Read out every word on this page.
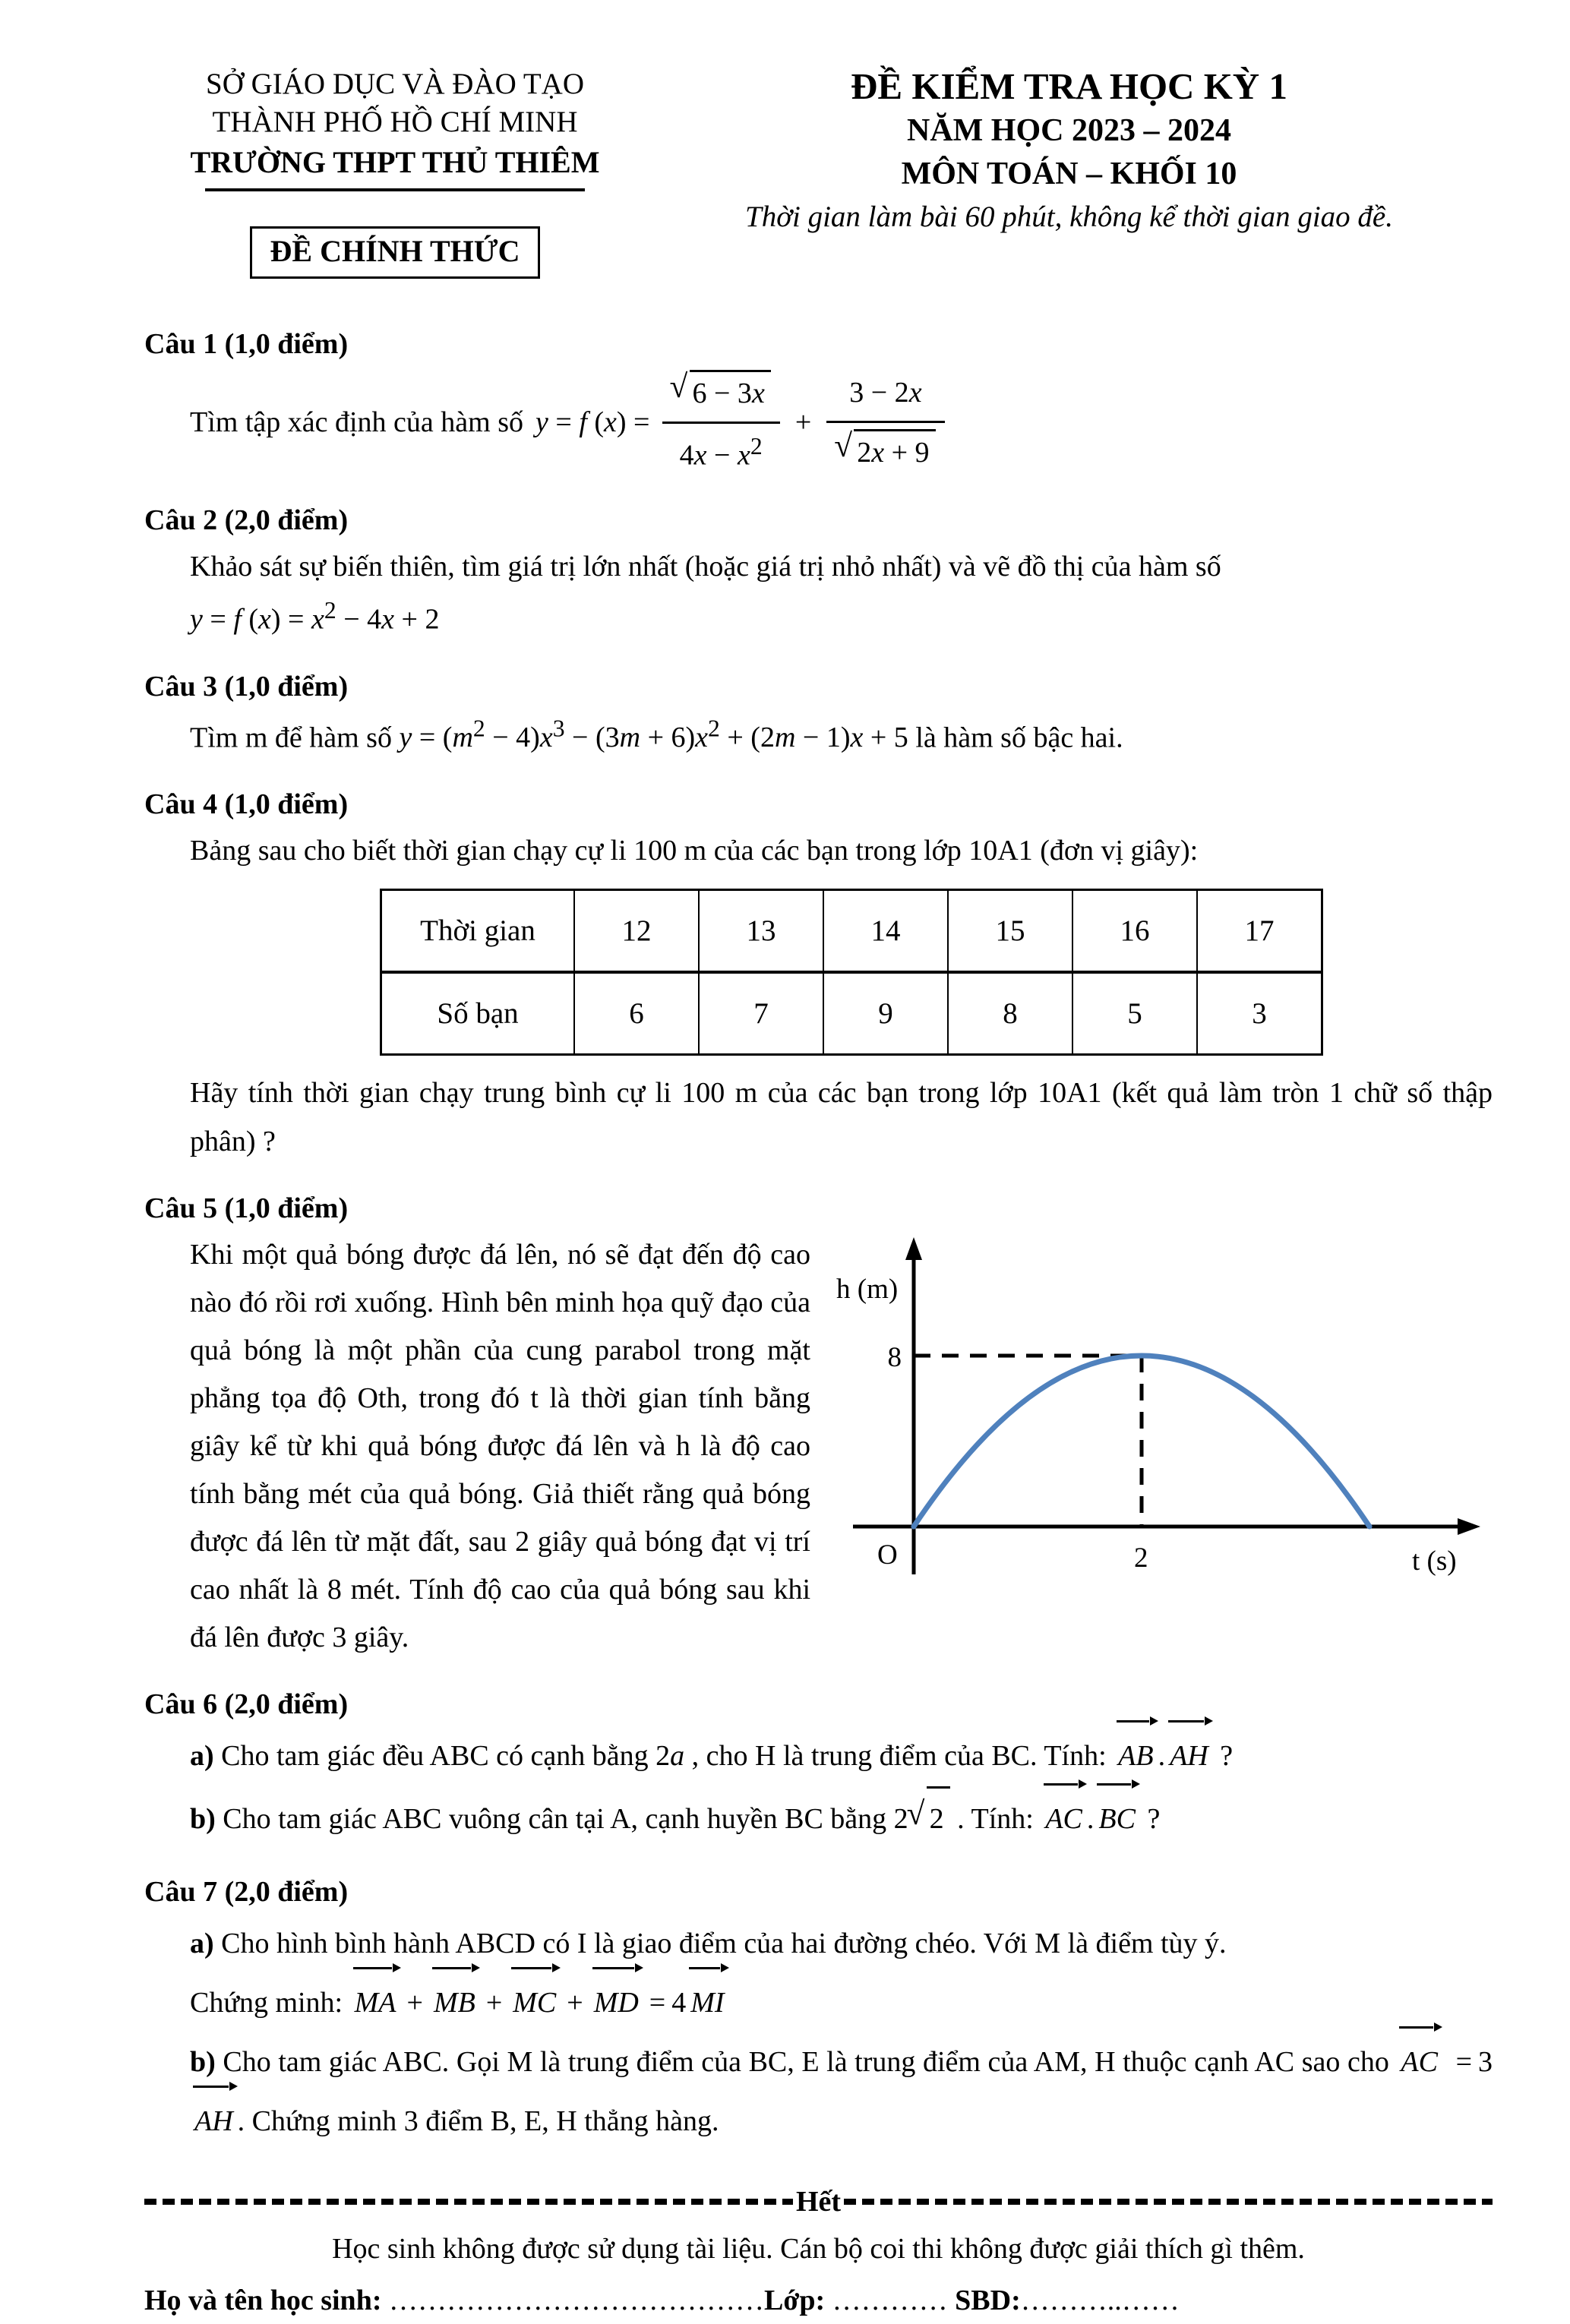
SỞ GIÁO DỤC VÀ ĐÀO TẠO
THÀNH PHỐ HỒ CHÍ MINH
TRƯỜNG THPT THỦ THIÊM
ĐỀ CHÍNH THỨC
ĐỀ KIỂM TRA HỌC KỲ 1
NĂM HỌC 2023 – 2024
MÔN TOÁN – KHỐI 10
Thời gian làm bài 60 phút, không kể thời gian giao đề.
Câu 1 (1,0 điểm)
Tìm tập xác định của hàm số y = f (x) = √ $\frac{6 - 3x}{4x - x^2} + 3 - 2x$
√ 2x + 9
Câu 2 (2,0 điểm)
Khảo sát sự biến thiên, tìm giá trị lớn nhất (hoặc giá trị nhỏ nhất) và vẽ đồ thị của hàm số
y = f $(x) = x^2 - 4x + 2$
Câu 3 (1,0 điểm)
Tìm m để hàm số $y = (m^2 - 4)x^3 - (3m + 6)x^2 + (2m - 1)x + 5$ là hàm số bậc hai.
Câu 4 (1,0 điểm)
Bảng sau cho biết thời gian chạy cự li 100 m của các bạn trong lớp 10A1 (đơn vị giây):
Thời gian	12	13	14	15	16	17
Số bạn	6	7	9	8	5	3
Hãy tính thời gian chạy trung bình cự li 100 m của các bạn trong lớp 10A1 (kết quả làm tròn 1 chữ số thập phân) ?
Câu 5 (1,0 điểm)
h (m)
t (s)
O
8
2
Khi một quả bóng được đá lên, nó sẽ đạt đến độ cao nào đó rồi rơi xuống. Hình bên minh họa quỹ đạo của quả bóng là một phần của cung parabol trong mặt phẳng tọa độ Oth, trong đó t là thời gian tính bằng giây kể từ khi quả bóng được đá lên và h là độ cao tính bằng mét của quả bóng. Giả thiết rằng quả bóng được đá lên từ mặt đất, sau 2 giây quả bóng đạt vị trí cao nhất là 8 mét. Tính độ cao của quả bóng sau khi đá lên được 3 giây.
Câu 6 (2,0 điểm)
a) Cho tam giác đều ABC có cạnh bằng 2a , cho H là trung điểm của BC. Tính: AB . AH ?
b) Cho tam giác ABC vuông cân tại A, cạnh huyền BC bằng 2 √ 2 . Tính: AC . BC ?
Câu 7 (2,0 điểm)
a) Cho hình bình hành ABCD có I là giao điểm của hai đường chéo. Với M là điểm tùy ý.
Chứng minh: MA + MB + MC + MD = 4 MI
b) Cho tam giác ABC. Gọi M là trung điểm của BC, E là trung điểm của AM, H thuộc cạnh AC sao cho AC = 3AH . Chứng minh 3 điểm B, E, H thẳng hàng.
Hết
Học sinh không được sử dụng tài liệu. Cán bộ coi thi không được giải thích gì thêm.
Họ và tên học sinh: …………………………………Lớp: ………… SBD:………..……
